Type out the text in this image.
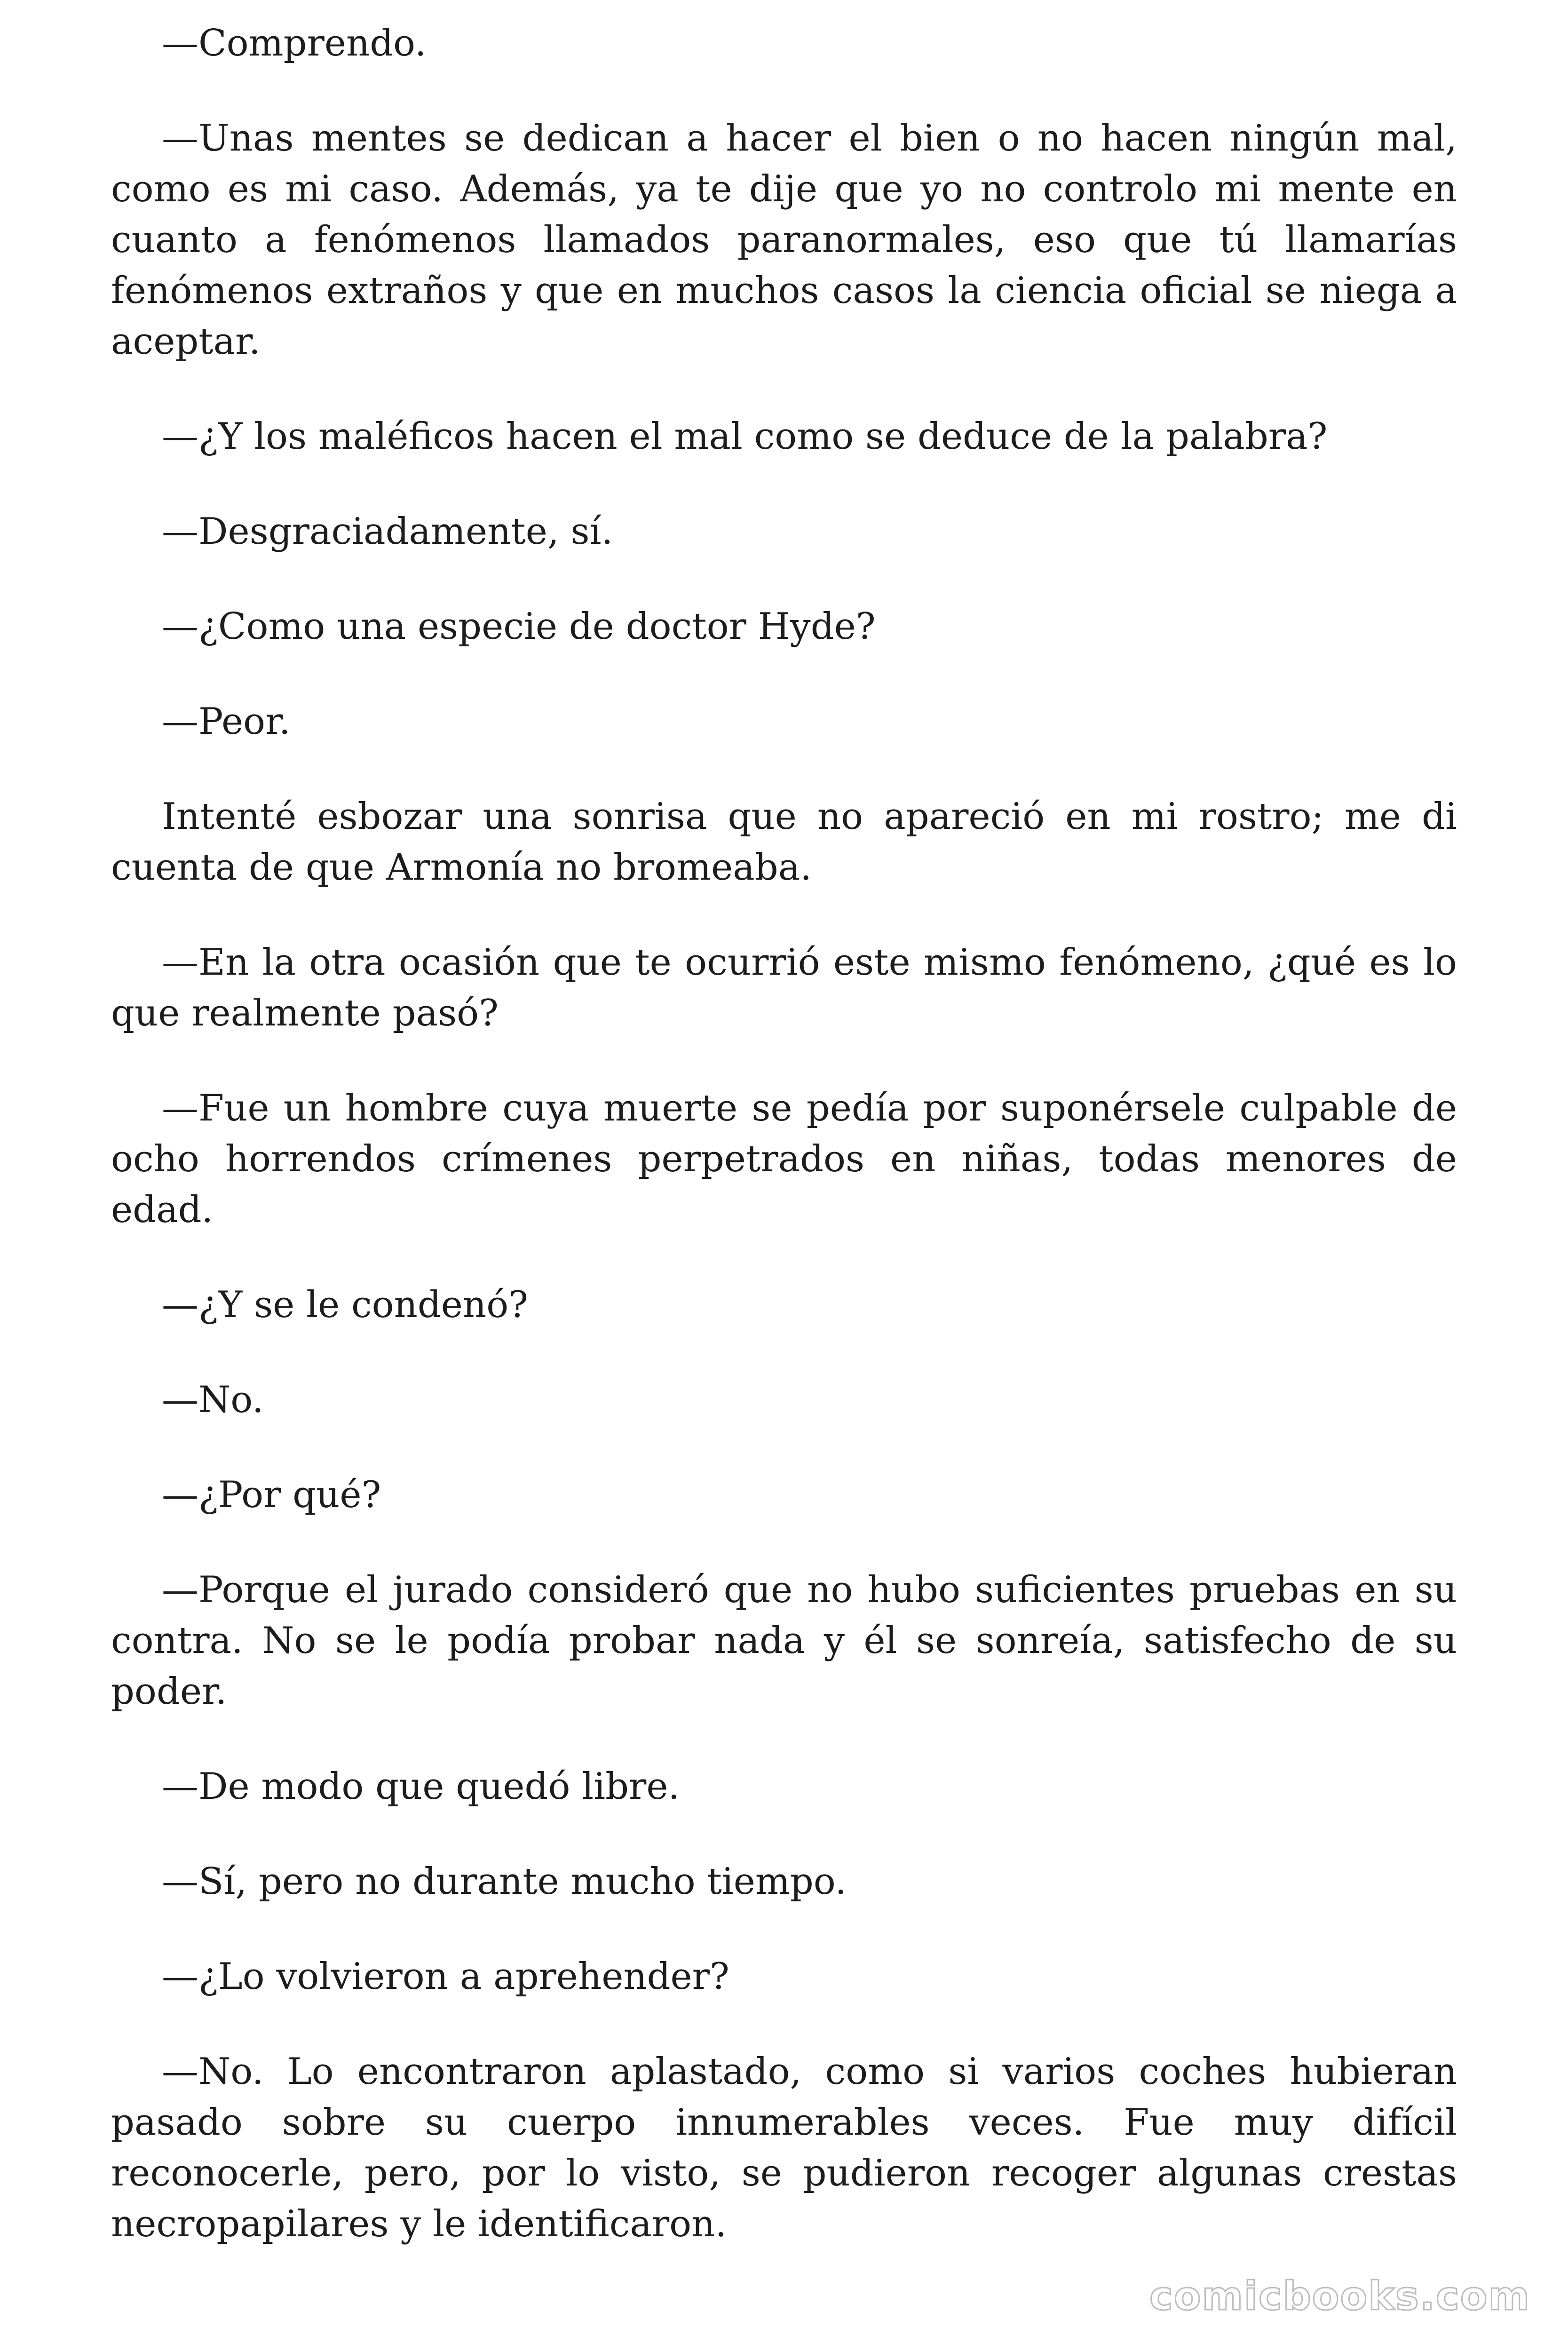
—Comprendo.

—Unas mentes se dedican a hacer el bien o no hacen ningún mal, como es mi caso. Además, ya te dije que yo no controlo mi mente en cuanto a fenómenos llamados paranormales, eso que tú llamarías fenómenos extraños y que en muchos casos la ciencia oficial se niega a aceptar.

—¿Y los maléficos hacen el mal como se deduce de la palabra?

—Desgraciadamente, sí.

—¿Como una especie de doctor Hyde?

—Peor.

Intenté esbozar una sonrisa que no apareció en mi rostro; me di cuenta de que Armonía no bromeaba.

—En la otra ocasión que te ocurrió este mismo fenómeno, ¿qué es lo que realmente pasó?

—Fue un hombre cuya muerte se pedía por suponérsele culpable de ocho horrendos crímenes perpetrados en niñas, todas menores de edad.

—¿Y se le condenó?

—No.

—¿Por qué?

—Porque el jurado consideró que no hubo suficientes pruebas en su contra. No se le podía probar nada y él se sonreía, satisfecho de su poder.

—De modo que quedó libre.

—Sí, pero no durante mucho tiempo.

—¿Lo volvieron a aprehender?

—No. Lo encontraron aplastado, como si varios coches hubieran pasado sobre su cuerpo innumerables veces. Fue muy difícil reconocerle, pero, por lo visto, se pudieron recoger algunas crestas necropapilares y le identificaron.

comicbooks.com
